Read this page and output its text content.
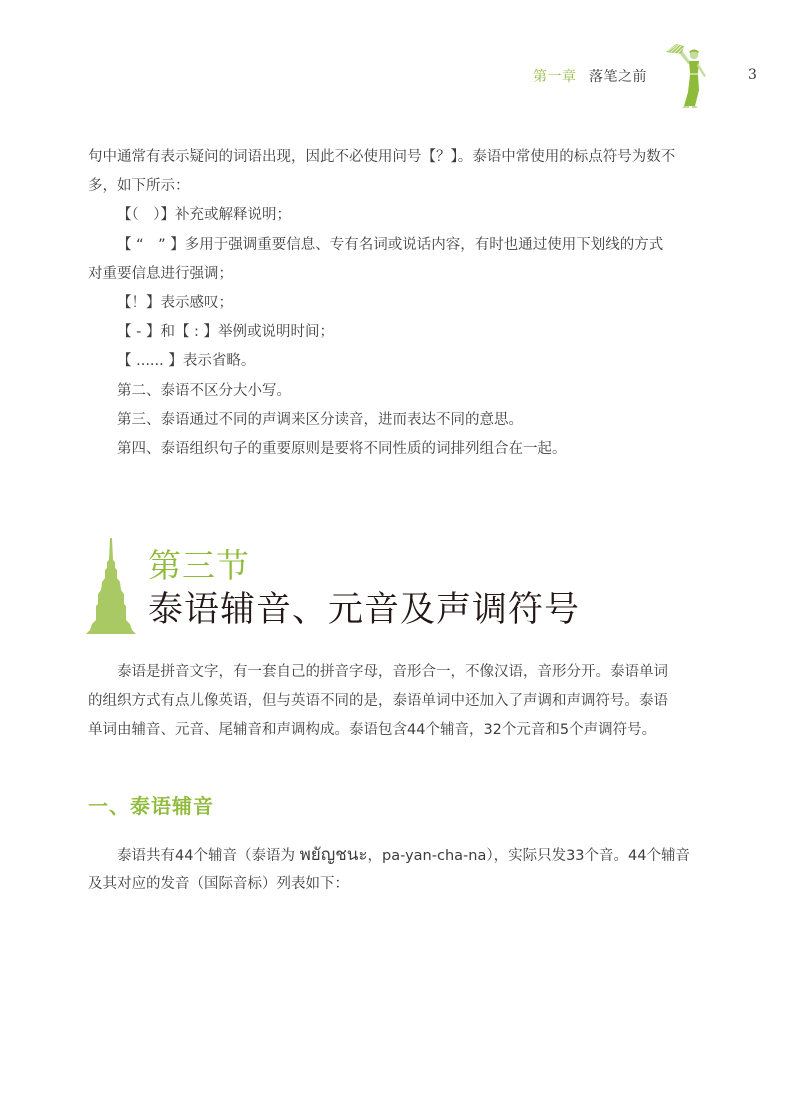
第一章 落笔之前	3
句中通常有表示疑问的词语出现，因此不必使用问号【？】。泰语中常使用的标点符号为数不
多，如下所示：
【（　）】补充或解释说明；
【 “　” 】多用于强调重要信息、专有名词或说话内容，有时也通过使用下划线的方式
对重要信息进行强调；
【！】表示感叹；
【 - 】和【 : 】举例或说明时间；
【 ...... 】表示省略。
第二、泰语不区分大小写。
第三、泰语通过不同的声调来区分读音，进而表达不同的意思。
第四、泰语组织句子的重要原则是要将不同性质的词排列组合在一起。
第三节
泰语辅音、元音及声调符号
泰语是拼音文字，有一套自己的拼音字母，音形合一，不像汉语，音形分开。泰语单词
的组织方式有点儿像英语，但与英语不同的是，泰语单词中还加入了声调和声调符号。泰语
单词由辅音、元音、尾辅音和声调构成。泰语包含44个辅音，32个元音和5个声调符号。
一、泰语辅音
泰语共有44个辅音（泰语为 พยัญชนะ，pa-yan-cha-na），实际只发33个音。44个辅音
及其对应的发音（国际音标）列表如下：
